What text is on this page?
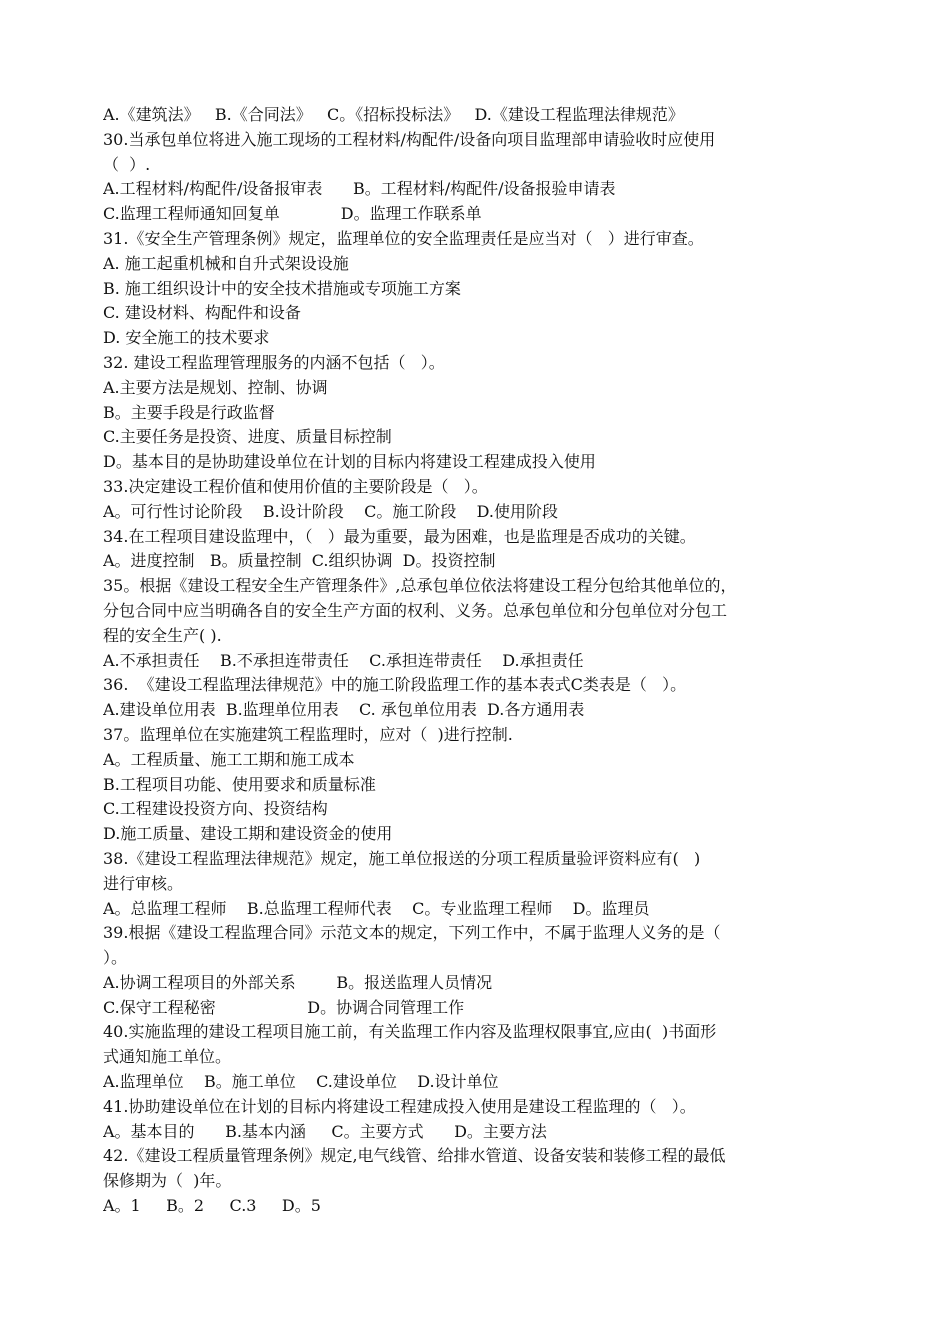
A.《建筑法》   B.《合同法》   C。《招标投标法》   D.《建设工程监理法律规范》
30.当承包单位将进入施工现场的工程材料/构配件/设备向项目监理部申请验收时应使用
（  ）.
A.工程材料/构配件/设备报审表      B。工程材料/构配件/设备报验申请表
C.监理工程师通知回复单            D。监理工作联系单
31.《安全生产管理条例》规定，监理单位的安全监理责任是应当对（   ）进行审查。
A. 施工起重机械和自升式架设设施
B. 施工组织设计中的安全技术措施或专项施工方案
C. 建设材料、构配件和设备
D. 安全施工的技术要求
32. 建设工程监理管理服务的内涵不包括（   ）。
A.主要方法是规划、控制、协调
B。主要手段是行政监督
C.主要任务是投资、进度、质量目标控制
D。基本目的是协助建设单位在计划的目标内将建设工程建成投入使用
33.决定建设工程价值和使用价值的主要阶段是（   ）。
A。可行性讨论阶段    B.设计阶段    C。施工阶段    D.使用阶段
34.在工程项目建设监理中，（   ）最为重要，最为困难，也是监理是否成功的关键。
A。进度控制   B。质量控制  C.组织协调  D。投资控制
35。根据《建设工程安全生产管理条件》,总承包单位依法将建设工程分包给其他单位的，
分包合同中应当明确各自的安全生产方面的权利、义务。总承包单位和分包单位对分包工
程的安全生产( ).
A.不承担责任    B.不承担连带责任    C.承担连带责任    D.承担责任
36.  《建设工程监理法律规范》中的施工阶段监理工作的基本表式C类表是（   ）。
A.建设单位用表  B.监理单位用表    C. 承包单位用表  D.各方通用表
37。监理单位在实施建筑工程监理时，应对（  )进行控制.
A。工程质量、施工工期和施工成本
B.工程项目功能、使用要求和质量标准
C.工程建设投资方向、投资结构
D.施工质量、建设工期和建设资金的使用
38.《建设工程监理法律规范》规定，施工单位报送的分项工程质量验评资料应有(   )
进行审核。
A。总监理工程师    B.总监理工程师代表    C。专业监理工程师    D。监理员
39.根据《建设工程监理合同》示范文本的规定，下列工作中，不属于监理人义务的是（
）。
A.协调工程项目的外部关系        B。报送监理人员情况
C.保守工程秘密                  D。协调合同管理工作
40.实施监理的建设工程项目施工前，有关监理工作内容及监理权限事宜,应由(  )书面形
式通知施工单位。
A.监理单位    B。施工单位    C.建设单位    D.设计单位
41.协助建设单位在计划的目标内将建设工程建成投入使用是建设工程监理的（   ）。
A。基本目的      B.基本内涵     C。主要方式      D。主要方法
42.《建设工程质量管理条例》规定,电气线管、给排水管道、设备安装和装修工程的最低
保修期为（  )年。
A。1     B。2     C.3     D。5
